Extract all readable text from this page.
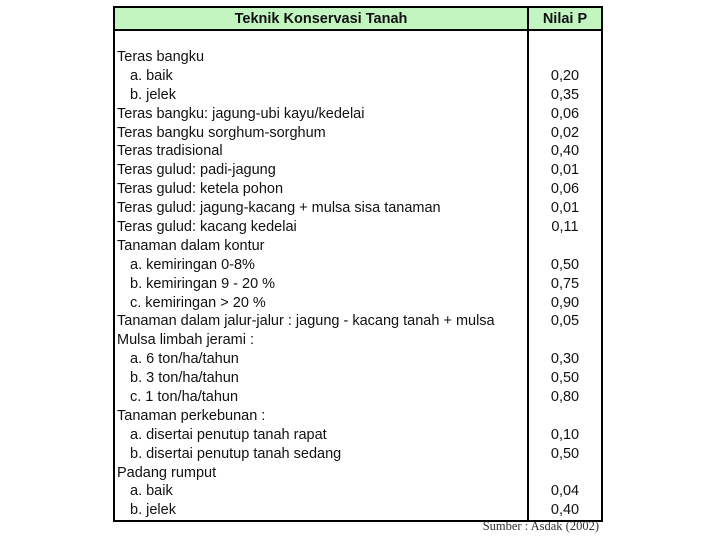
Teknik Konservasi Tanah	Nilai P
Teras bangku
a. baik	0,20
b. jelek	0,35
Teras bangku: jagung-ubi kayu/kedelai	0,06
Teras bangku sorghum-sorghum	0,02
Teras tradisional	0,40
Teras gulud: padi-jagung	0,01
Teras gulud: ketela pohon	0,06
Teras gulud: jagung-kacang + mulsa sisa tanaman	0,01
Teras gulud: kacang kedelai	0,11
Tanaman dalam kontur
a. kemiringan 0-8%	0,50
b. kemiringan 9 - 20 %	0,75
c. kemiringan > 20 %	0,90
Tanaman dalam jalur-jalur : jagung - kacang tanah + mulsa	0,05
Mulsa limbah jerami :
a. 6 ton/ha/tahun	0,30
b. 3 ton/ha/tahun	0,50
c. 1 ton/ha/tahun	0,80
Tanaman perkebunan :
a. disertai penutup tanah rapat	0,10
b. disertai penutup tanah sedang	0,50
Padang rumput
a. baik	0,04
b. jelek	0,40
Sumber : Asdak (2002)
